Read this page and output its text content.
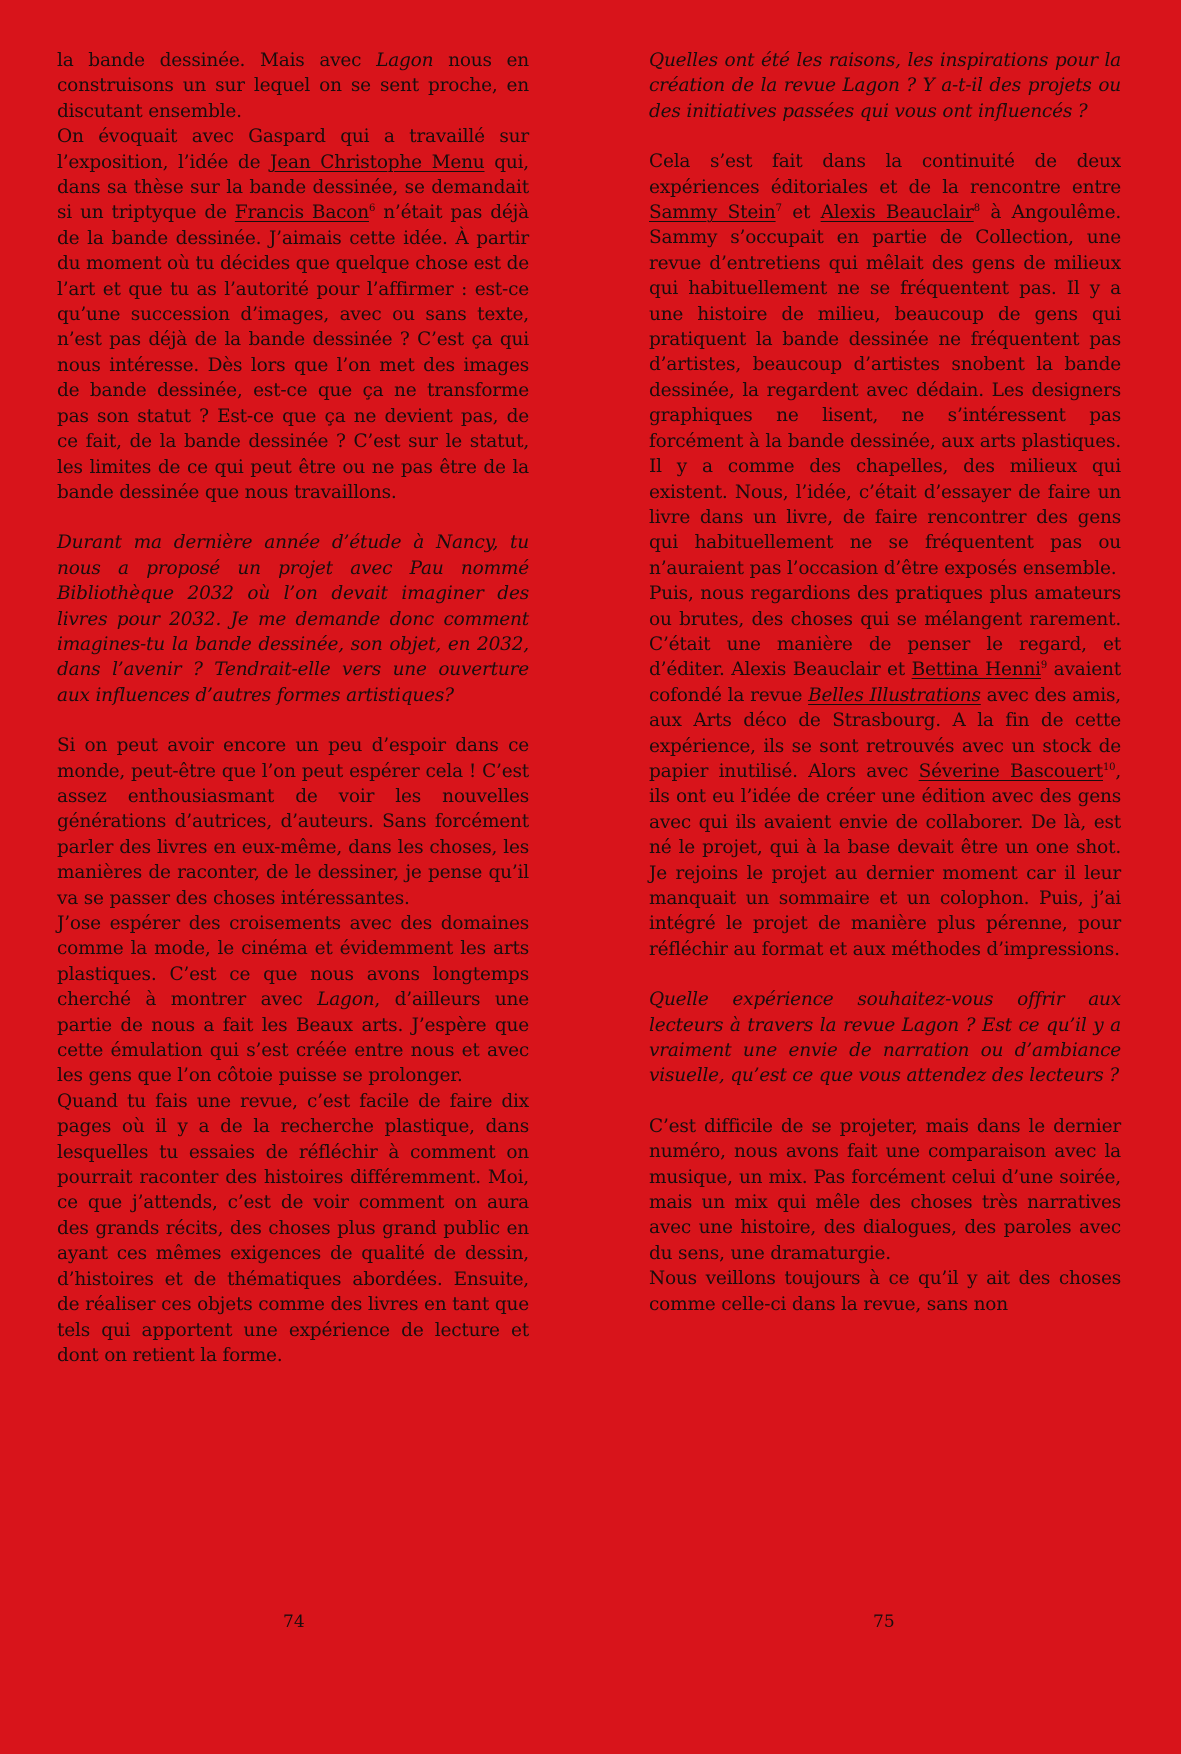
la bande dessinée. Mais avec Lagon nous en construisons un sur lequel on se sent proche, en discutant ensemble.

On évoquait avec Gaspard qui a travaillé sur l’exposition, l’idée de Jean Christophe Menu qui, dans sa thèse sur la bande dessinée, se demandait si un triptyque de Francis Bacon$^6$ n’était pas déjà de la bande dessinée. J’aimais cette idée. À partir du moment où tu décides que quelque chose est de l’art et que tu as l’autorité pour l’affirmer : est-ce qu’une succession d’images, avec ou sans texte, n’est pas déjà de la bande dessinée ? C’est ça qui nous intéresse. Dès lors que l’on met des images de bande dessinée, est-ce que ça ne transforme pas son statut ? Est-ce que ça ne devient pas, de ce fait, de la bande dessinée ? C’est sur le statut, les limites de ce qui peut être ou ne pas être de la bande dessinée que nous travaillons.

Durant ma dernière année d’étude à Nancy, tu nous a proposé un projet avec Pau nommé Bibliothèque 2032 où l’on devait imaginer des livres pour 2032. Je me demande donc comment imagines-tu la bande dessinée, son objet, en 2032, dans l’avenir ? Tendrait-elle vers une ouverture aux influences d’autres formes artistiques?

Si on peut avoir encore un peu d’espoir dans ce monde, peut-être que l’on peut espérer cela ! C’est assez enthousiasmant de voir les nouvelles générations d’autrices, d’auteurs. Sans forcément parler des livres en eux-même, dans les choses, les manières de raconter, de le dessiner, je pense qu’il va se passer des choses intéressantes.

J’ose espérer des croisements avec des domaines comme la mode, le cinéma et évidemment les arts plastiques. C’est ce que nous avons longtemps cherché à montrer avec Lagon, d’ailleurs une partie de nous a fait les Beaux arts. J’espère que cette émulation qui s’est créée entre nous et avec les gens que l’on côtoie puisse se prolonger.

Quand tu fais une revue, c’est facile de faire dix pages où il y a de la recherche plastique, dans lesquelles tu essaies de réfléchir à comment on pourrait raconter des histoires différemment. Moi, ce que j’attends, c’est de voir comment on aura des grands récits, des choses plus grand public en ayant ces mêmes exigences de qualité de dessin, d’histoires et de thématiques abordées. Ensuite, de réaliser ces objets comme des livres en tant que tels qui apportent une expérience de lecture et dont on retient la forme.

Quelles ont été les raisons, les inspirations pour la création de la revue Lagon ? Y a-t-il des projets ou des initiatives passées qui vous ont influencés ?

Cela s’est fait dans la continuité de deux expériences éditoriales et de la rencontre entre Sammy Stein$^7$ et Alexis Beauclair$^8$ à Angoulême. Sammy s’occupait en partie de Collection, une revue d’entretiens qui mêlait des gens de milieux qui habituellement ne se fréquentent pas. Il y a une histoire de milieu, beaucoup de gens qui pratiquent la bande dessinée ne fréquentent pas d’artistes, beaucoup d’artistes snobent la bande dessinée, la regardent avec dédain. Les designers graphiques ne lisent, ne s’intéressent pas forcément à la bande dessinée, aux arts plastiques. Il y a comme des chapelles, des milieux qui existent. Nous, l’idée, c’était d’essayer de faire un livre dans un livre, de faire rencontrer des gens qui habituellement ne se fréquentent pas ou n’auraient pas l’occasion d’être exposés ensemble.

Puis, nous regardions des pratiques plus amateurs ou brutes, des choses qui se mélangent rarement. C’était une manière de penser le regard, et d’éditer. Alexis Beauclair et Bettina Henni$^9$ avaient cofondé la revue Belles Illustrations avec des amis, aux Arts déco de Strasbourg. A la fin de cette expérience, ils se sont retrouvés avec un stock de papier inutilisé. Alors avec Séverine Bascouert$^{10}$, ils ont eu l’idée de créer une édition avec des gens avec qui ils avaient envie de collaborer. De là, est né le projet, qui à la base devait être un one shot. Je rejoins le projet au dernier moment car il leur manquait un sommaire et un colophon. Puis, j’ai intégré le projet de manière plus pérenne, pour réfléchir au format et aux méthodes d’impressions.

Quelle expérience souhaitez-vous offrir aux lecteurs à travers la revue Lagon ? Est ce qu’il y a vraiment une envie de narration ou d’ambiance visuelle, qu’est ce que vous attendez des lecteurs ?

C’est difficile de se projeter, mais dans le dernier numéro, nous avons fait une comparaison avec la musique, un mix. Pas forcément celui d’une soirée, mais un mix qui mêle des choses très narratives avec une histoire, des dialogues, des paroles avec du sens, une dramaturgie.

Nous veillons toujours à ce qu’il y ait des choses comme celle-ci dans la revue, sans non

74	75
